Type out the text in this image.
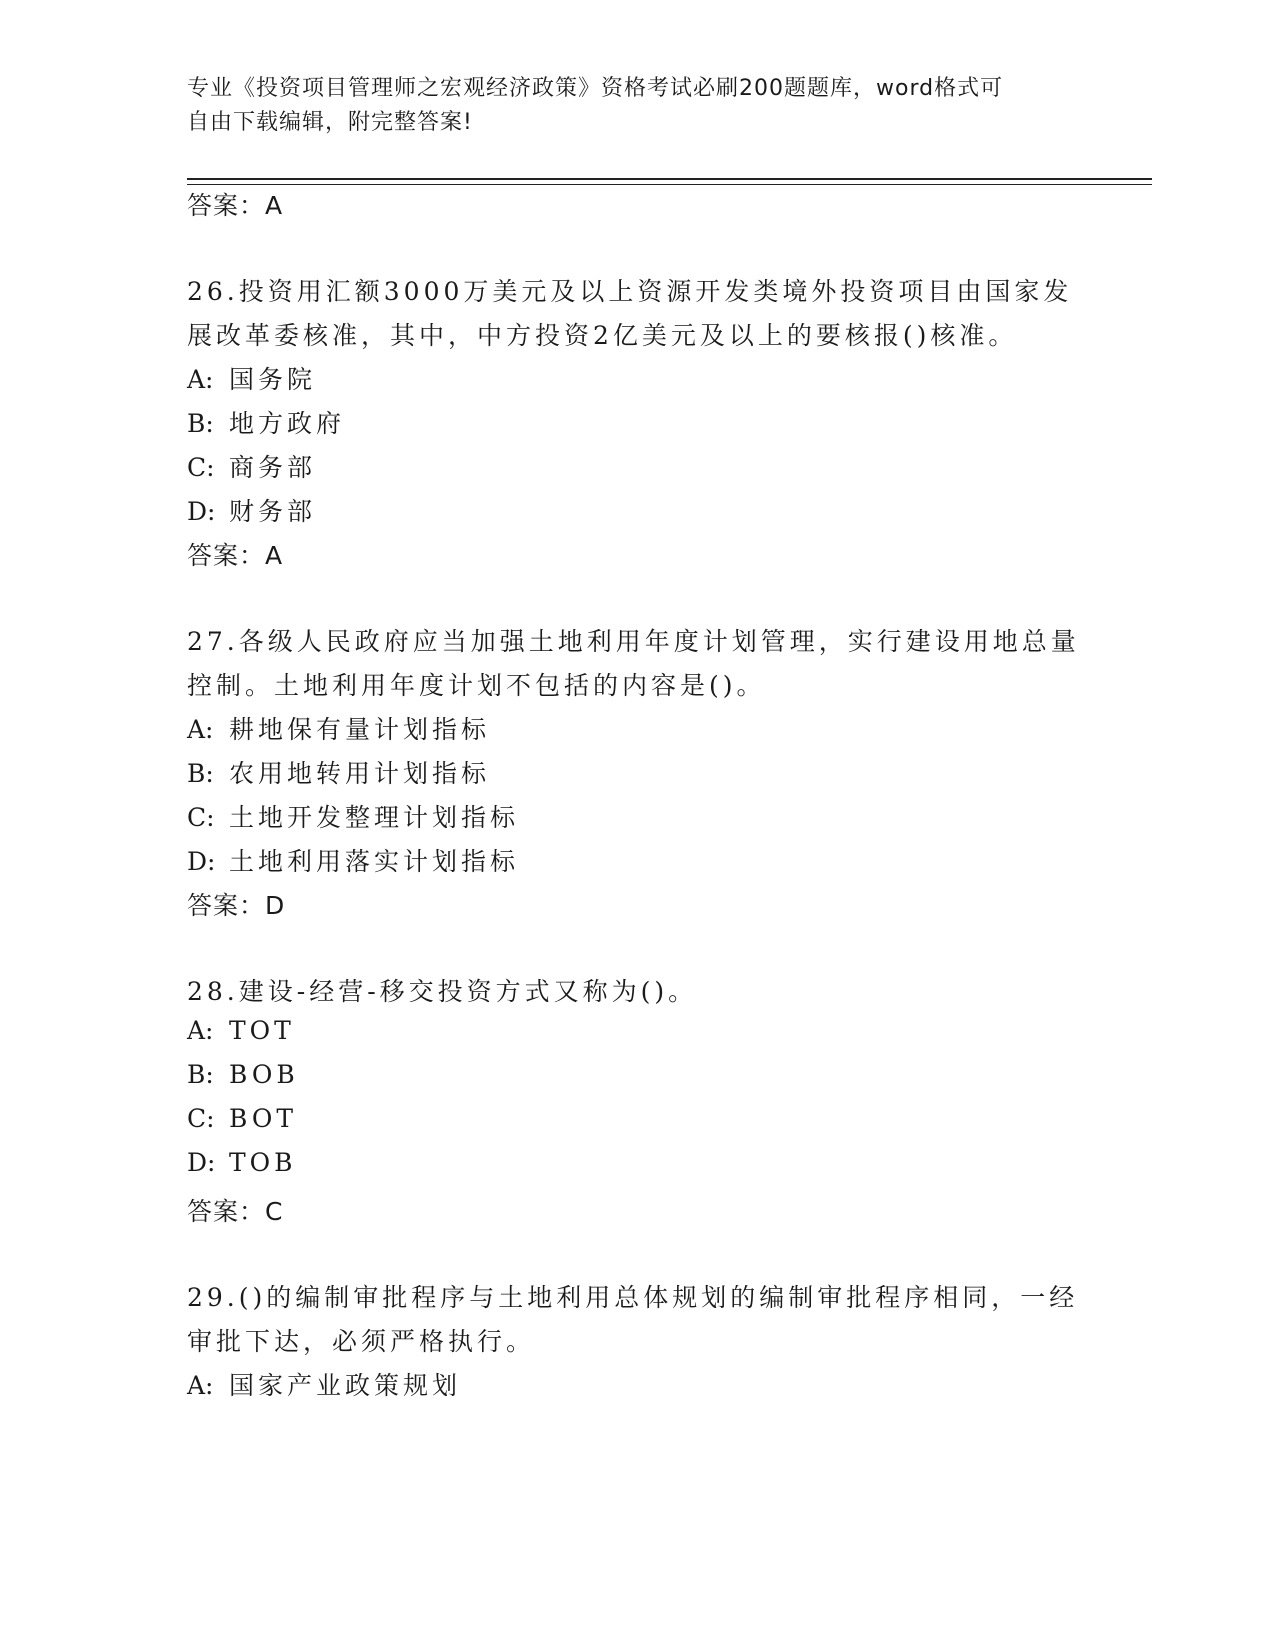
专业《投资项目管理师之宏观经济政策》资格考试必刷200题题库，word格式可
自由下载编辑，附完整答案!
答案：A
26.投资用汇额3000万美元及以上资源开发类境外投资项目由国家发
展改革委核准，其中，中方投资2亿美元及以上的要核报()核准。
A: 国务院
B: 地方政府
C: 商务部
D: 财务部
答案：A
27.各级人民政府应当加强土地利用年度计划管理，实行建设用地总量
控制。土地利用年度计划不包括的内容是()。
A: 耕地保有量计划指标
B: 农用地转用计划指标
C: 土地开发整理计划指标
D: 土地利用落实计划指标
答案：D
28.建设-经营-移交投资方式又称为()。
A: TOT
B: BOB
C: BOT
D: TOB
答案：C
29.()的编制审批程序与土地利用总体规划的编制审批程序相同，一经
审批下达，必须严格执行。
A: 国家产业政策规划
